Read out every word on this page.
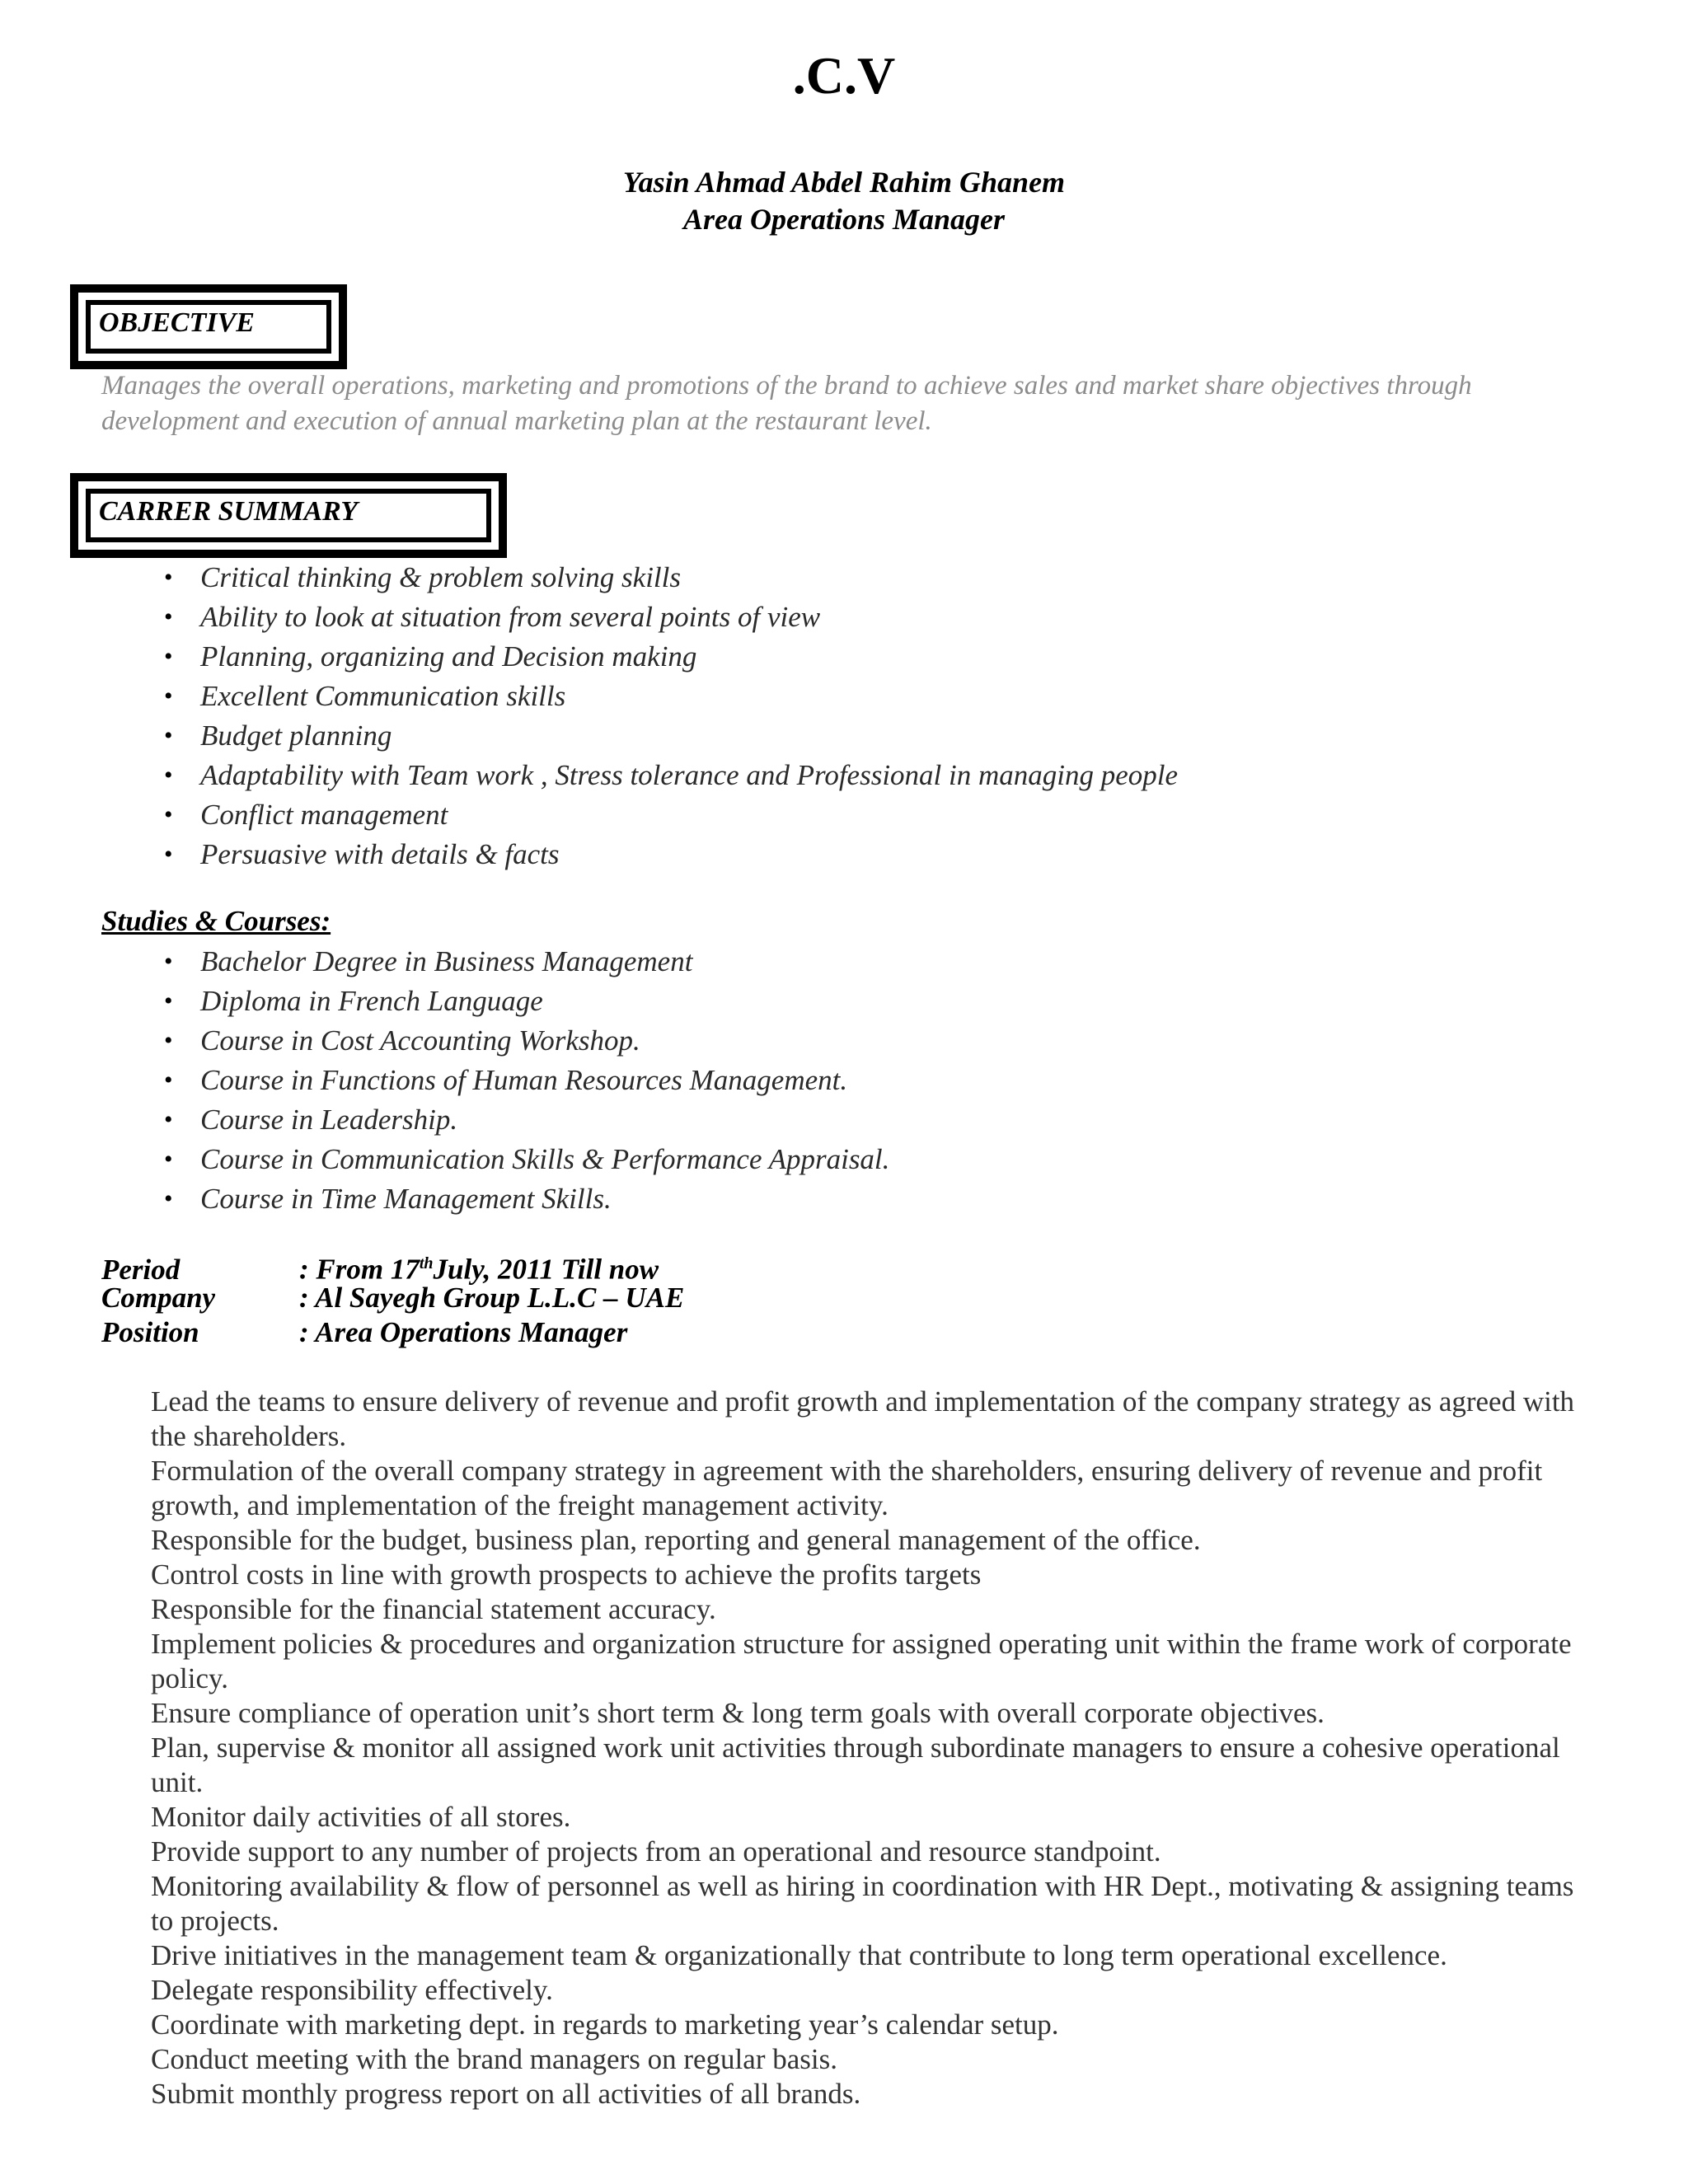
.C.V
Yasin Ahmad Abdel Rahim Ghanem
Area Operations Manager
OBJECTIVE
Manages the overall operations, marketing and promotions of the brand to achieve sales and market share objectives through development and execution of annual marketing plan at the restaurant level.
CARRER SUMMARY
• Critical thinking & problem solving skills
• Ability to look at situation from several points of view
• Planning, organizing and Decision making
• Excellent Communication skills
• Budget planning
• Adaptability with Team work , Stress tolerance and Professional in managing people
• Conflict management
• Persuasive with details & facts
Studies & Courses:
• Bachelor Degree in Business Management
• Diploma in French Language
• Course in Cost Accounting Workshop.
• Course in Functions of Human Resources Management.
• Course in Leadership.
• Course in Communication Skills & Performance Appraisal.
• Course in Time Management Skills.
Period	: From 17thJuly, 2011 Till now
Company	: Al Sayegh Group L.L.C – UAE
Position	: Area Operations Manager
Lead the teams to ensure delivery of revenue and profit growth and implementation of the company strategy as agreed with the shareholders.
Formulation of the overall company strategy in agreement with the shareholders, ensuring delivery of revenue and profit growth, and implementation of the freight management activity.
Responsible for the budget, business plan, reporting and general management of the office.
Control costs in line with growth prospects to achieve the profits targets
Responsible for the financial statement accuracy.
Implement policies & procedures and organization structure for assigned operating unit within the frame work of corporate policy.
Ensure compliance of operation unit’s short term & long term goals with overall corporate objectives.
Plan, supervise & monitor all assigned work unit activities through subordinate managers to ensure a cohesive operational unit.
Monitor daily activities of all stores.
Provide support to any number of projects from an operational and resource standpoint.
Monitoring availability & flow of personnel as well as hiring in coordination with HR Dept., motivating & assigning teams to projects.
Drive initiatives in the management team & organizationally that contribute to long term operational excellence.
Delegate responsibility effectively.
Coordinate with marketing dept. in regards to marketing year’s calendar setup.
Conduct meeting with the brand managers on regular basis.
Submit monthly progress report on all activities of all brands.
